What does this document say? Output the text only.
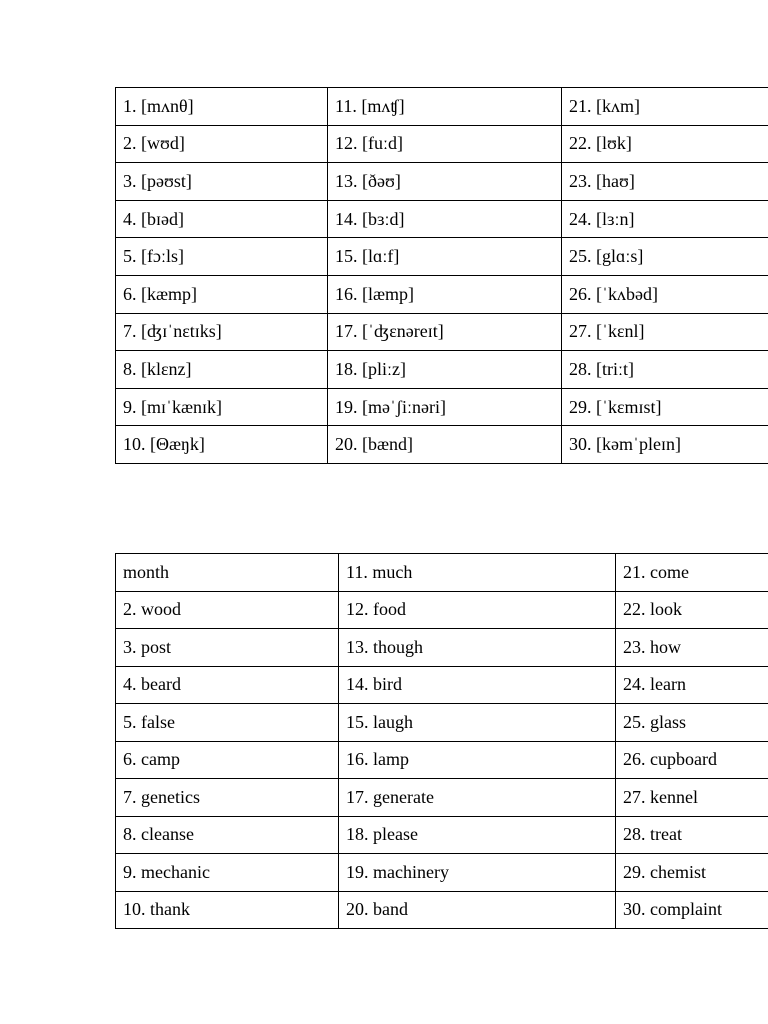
1. [mʌnθ]	11. [mʌʧ]	21. [kʌm]
2. [wʊd]	12. [fuːd]	22. [lʊk]
3. [pəʊst]	13. [ðəʊ]	23. [haʊ]
4. [bɪəd]	14. [bɜːd]	24. [lɜːn]
5. [fɔːls]	15. [lɑːf]	25. [glɑːs]
6. [kæmp]	16. [læmp]	26. [ˈkʌbəd]
7. [ʤɪˈnɛtɪks]	17. [ˈʤɛnəreɪt]	27. [ˈkɛnl]
8. [klɛnz]	18. [pliːz]	28. [triːt]
9. [mɪˈkænɪk]	19. [məˈʃiːnəri]	29. [ˈkɛmɪst]
10. [Θæŋk]	20. [bænd]	30. [kəmˈpleɪn]
month	11. much	21. come
2. wood	12. food	22. look
3. post	13. though	23. how
4. beard	14. bird	24. learn
5. false	15. laugh	25. glass
6. camp	16. lamp	26. cupboard
7. genetics	17. generate	27. kennel
8. cleanse	18. please	28. treat
9. mechanic	19. machinery	29. chemist
10. thank	20. band	30. complaint
